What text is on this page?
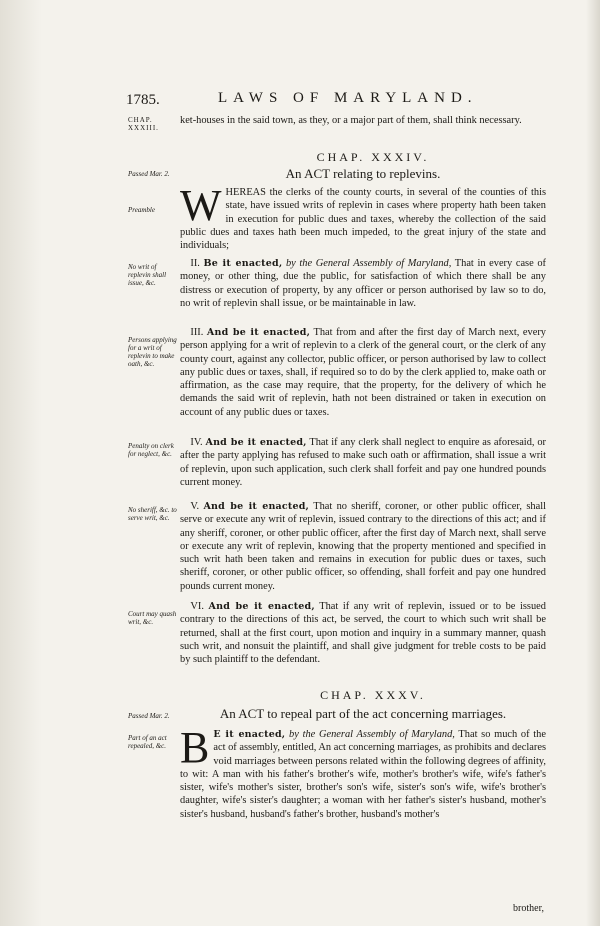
1785.	LAWS OF MARYLAND.
CHAP. XXXIII.
ket-houses in the said town, as they, or a major part of them, shall think necessary.
CHAP. XXXIV.
Passed Mar. 2.	An ACT relating to replevins.
Preamble WHEREAS the clerks of the county courts, in several of the counties of this state, have issued writs of replevin in cases where property hath been taken in execution for public dues and taxes, whereby the collection of the said public dues and taxes hath been much impeded, to the great injury of the state and individuals;
No writ of replevin shall issue, &c.

 II. Be it enacted, by the General Assembly of Maryland, That in every case of money, or other thing, due the public, for satisfaction of which there shall be any distress or execution of property, by any officer or person authorised by law so to do, no writ of replevin shall issue, or be maintainable in law.

Persons applying for a writ of replevin to make oath, &c.

 III. And be it enacted, That from and after the first day of March next, every person applying for a writ of replevin to a clerk of the general court, or the clerk of any county court, against any collector, public officer, or person authorised by law to collect any public dues or taxes, shall, if required so to do by the clerk applied to, make oath or affirmation, as the case may require, that the property, for the delivery of which he demands the said writ of replevin, hath not been distrained or taken in execution on account of any public dues or taxes.

Penalty on clerk for neglect, &c.

 IV. And be it enacted, That if any clerk shall neglect to enquire as aforesaid, or after the party applying has refused to make such oath or affirmation, shall issue a writ of replevin, upon such application, such clerk shall forfeit and pay one hundred pounds current money.

No sheriff, &c. to serve writ, &c.

 V. And be it enacted, That no sheriff, coroner, or other public officer, shall serve or execute any writ of replevin, issued contrary to the directions of this act; and if any sheriff, coroner, or other public officer, after the first day of March next, shall serve or execute any writ of replevin, knowing that the property mentioned and specified in such writ hath been taken and remains in execution for public dues or taxes, such sheriff, coroner, or other public officer, so offending, shall forfeit and pay one hundred pounds current money.

Court may quash writ, &c.

 VI. And be it enacted, That if any writ of replevin, issued or to be issued contrary to the directions of this act, be served, the court to which such writ shall be returned, shall at the first court, upon motion and inquiry in a summary manner, quash such writ, and nonsuit the plaintiff, and shall give judgment for treble costs to be paid by such plaintiff to the defendant.

CHAP. XXXV.
Passed Mar. 2.	An ACT to repeal part of the act concerning marriages.
Part of an act repealed, &c. B E it enacted, by the General Assembly of Maryland, That so much of the act of assembly, entitled, An act concerning marriages, as prohibits and declares void marriages between persons related within the following degrees of affinity, to wit: A man with his father's brother's wife, mother's brother's wife, wife's father's sister, wife's mother's sister, brother's son's wife, sister's son's wife, wife's brother's daughter, wife's sister's daughter; a woman with her father's sister's husband, mother's sister's husband, husband's father's brother, husband's mother's
brother,
